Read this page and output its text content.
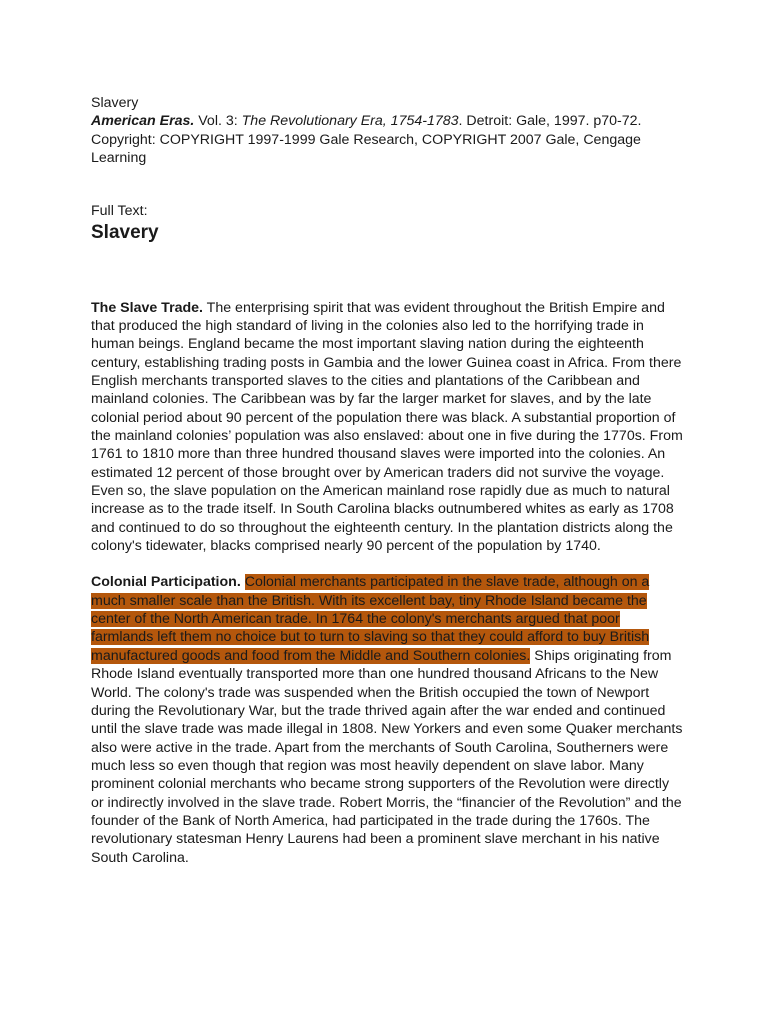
Slavery
American Eras. Vol. 3: The Revolutionary Era, 1754-1783. Detroit: Gale, 1997. p70-72.
Copyright: COPYRIGHT 1997-1999 Gale Research, COPYRIGHT 2007 Gale, Cengage Learning

Full Text:
Slavery

The Slave Trade. The enterprising spirit that was evident throughout the British Empire and that produced the high standard of living in the colonies also led to the horrifying trade in human beings. England became the most important slaving nation during the eighteenth century, establishing trading posts in Gambia and the lower Guinea coast in Africa. From there English merchants transported slaves to the cities and plantations of the Caribbean and mainland colonies. The Caribbean was by far the larger market for slaves, and by the late colonial period about 90 percent of the population there was black. A substantial proportion of the mainland colonies’ population was also enslaved: about one in five during the 1770s. From 1761 to 1810 more than three hundred thousand slaves were imported into the colonies. An estimated 12 percent of those brought over by American traders did not survive the voyage. Even so, the slave population on the American mainland rose rapidly due as much to natural increase as to the trade itself. In South Carolina blacks outnumbered whites as early as 1708 and continued to do so throughout the eighteenth century. In the plantation districts along the colony's tidewater, blacks comprised nearly 90 percent of the population by 1740.

Colonial Participation. Colonial merchants participated in the slave trade, although on a much smaller scale than the British. With its excellent bay, tiny Rhode Island became the center of the North American trade. In 1764 the colony's merchants argued that poor farmlands left them no choice but to turn to slaving so that they could afford to buy British manufactured goods and food from the Middle and Southern colonies. Ships originating from Rhode Island eventually transported more than one hundred thousand Africans to the New World. The colony's trade was suspended when the British occupied the town of Newport during the Revolutionary War, but the trade thrived again after the war ended and continued until the slave trade was made illegal in 1808. New Yorkers and even some Quaker merchants also were active in the trade. Apart from the merchants of South Carolina, Southerners were much less so even though that region was most heavily dependent on slave labor. Many prominent colonial merchants who became strong supporters of the Revolution were directly or indirectly involved in the slave trade. Robert Morris, the “financier of the Revolution” and the founder of the Bank of North America, had participated in the trade during the 1760s. The revolutionary statesman Henry Laurens had been a prominent slave merchant in his native South Carolina.
